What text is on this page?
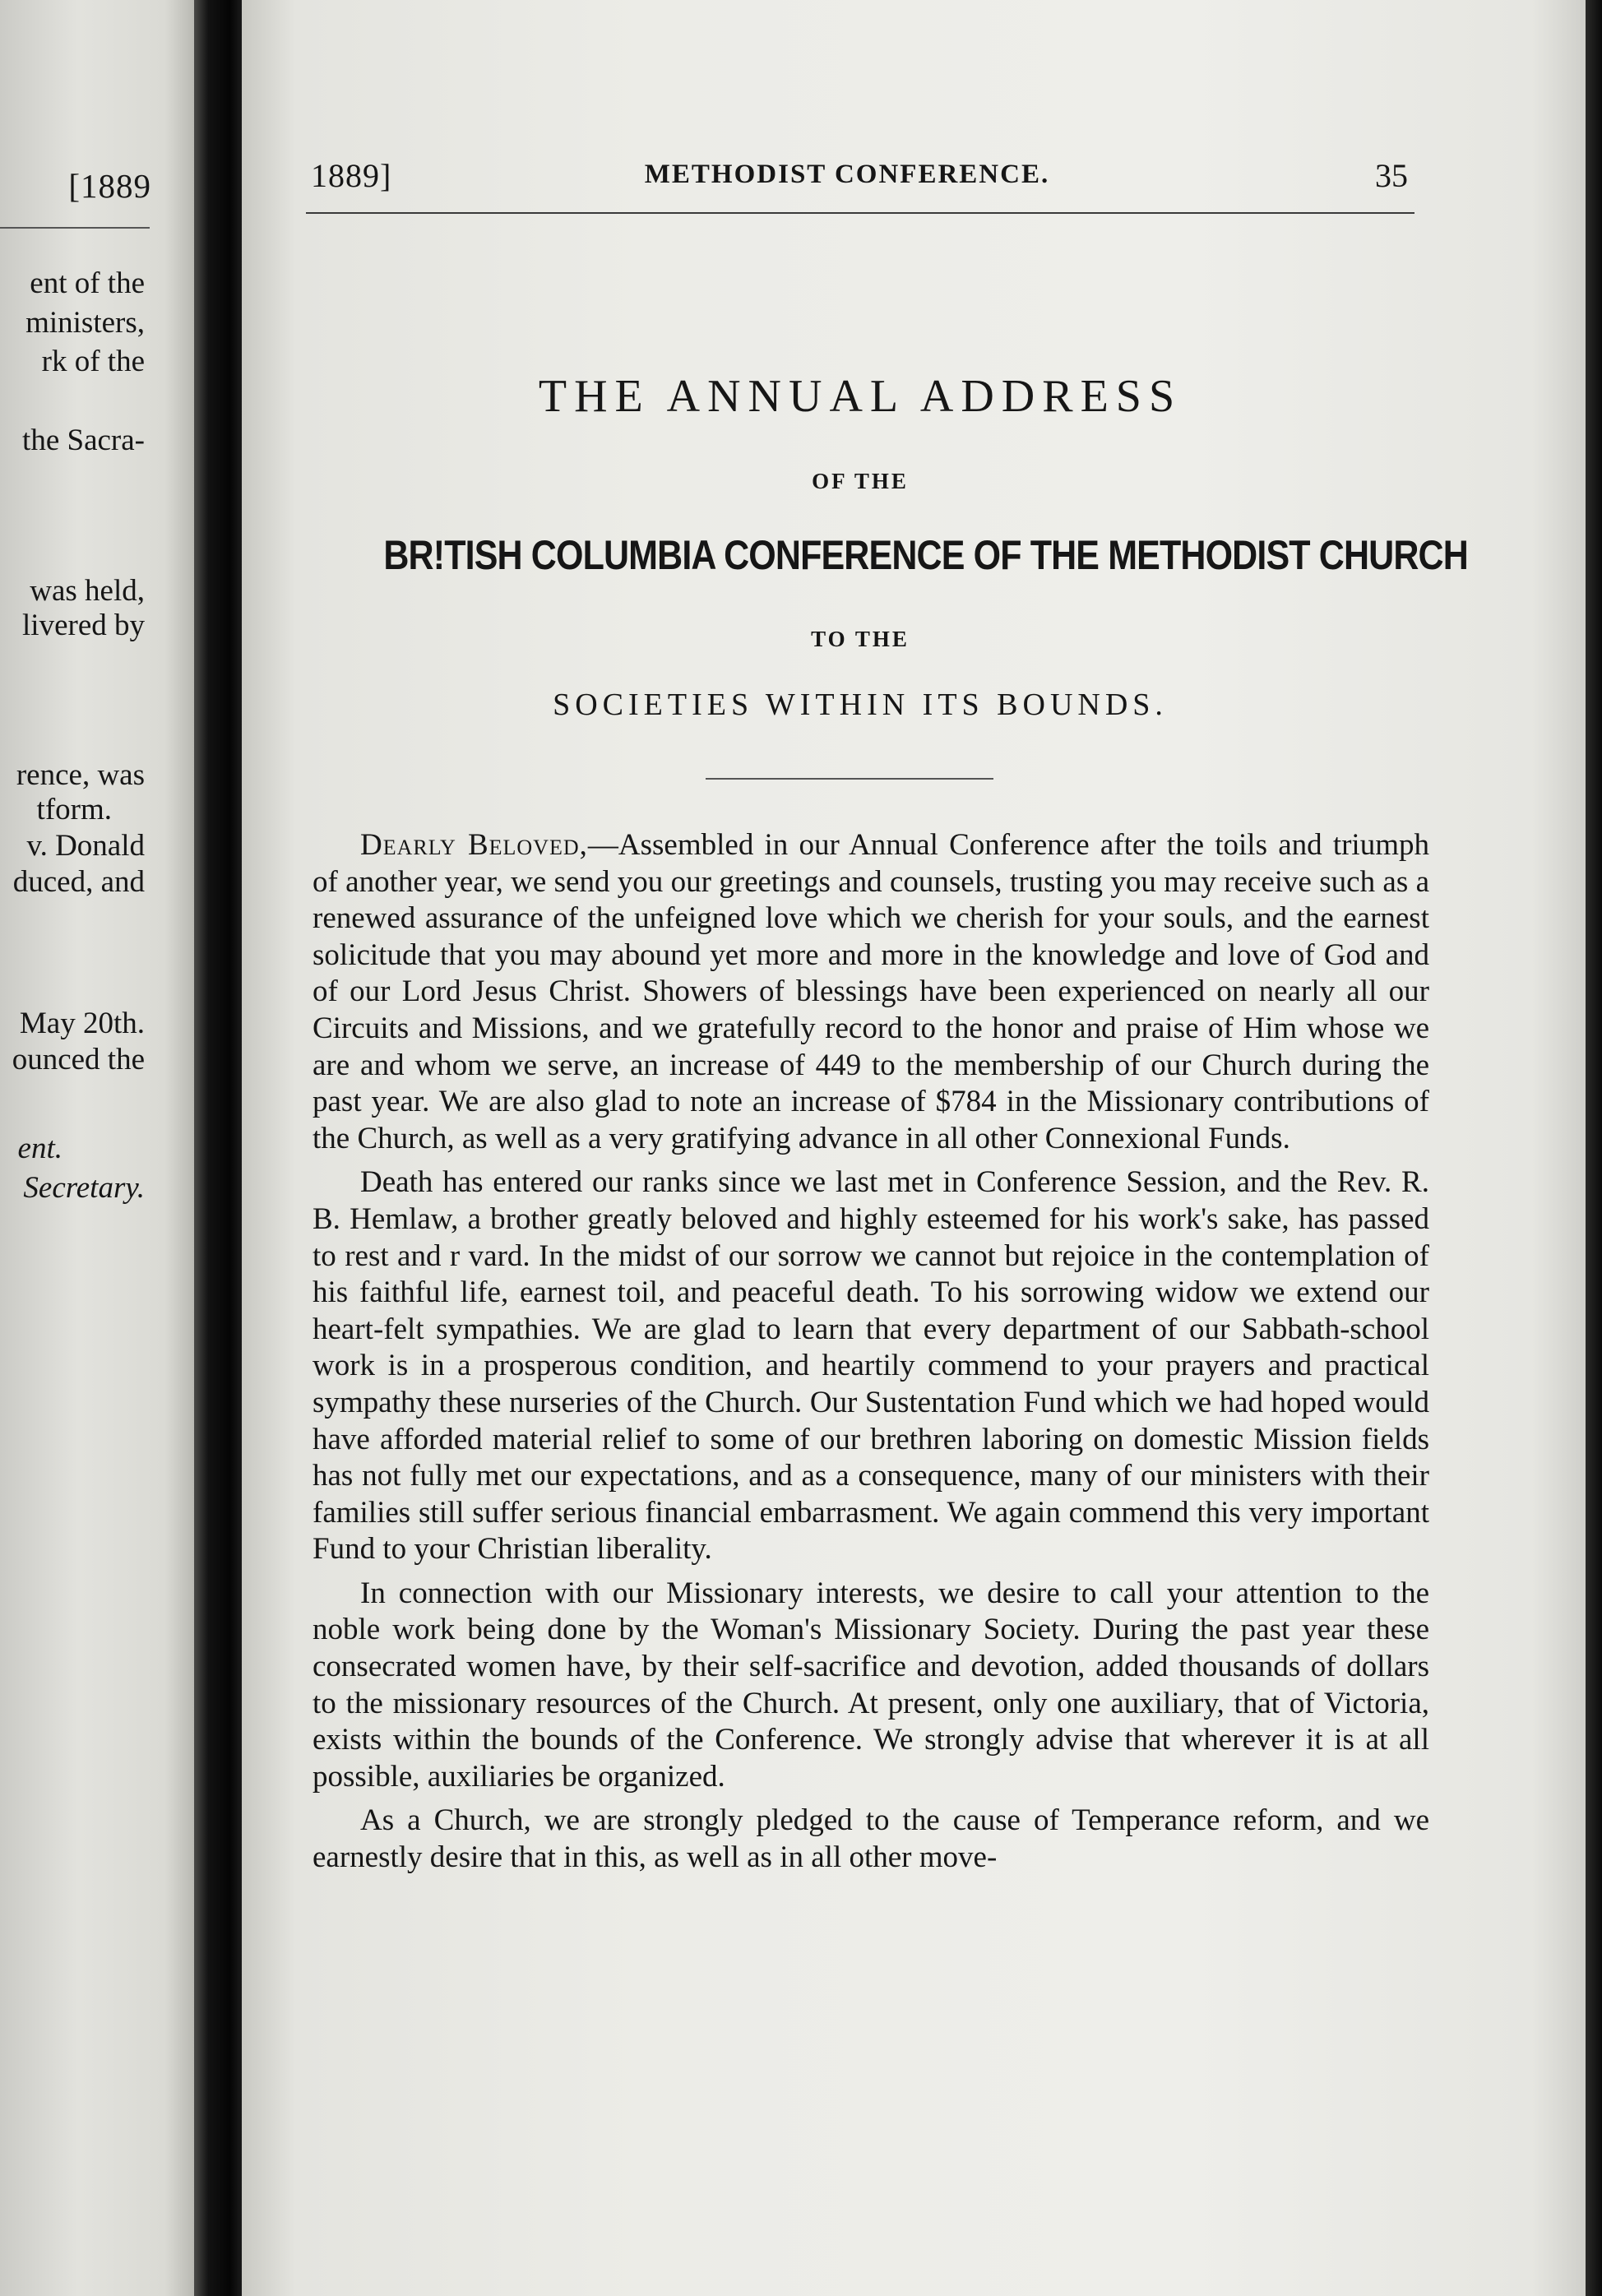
[1889
ent of the
ministers,
rk of the
the Sacra-
was held,
livered by
rence, was
tform.
v. Donald
duced, and
May 20th.
ounced the
ent.
Secretary.
1889]	METHODIST CONFERENCE.	35
THE ANNUAL ADDRESS
OF THE
BR!TISH COLUMBIA CONFERENCE OF THE METHODIST CHURCH
TO THE
SOCIETIES WITHIN ITS BOUNDS.

Dearly Beloved,—Assembled in our Annual Conference after the toils and triumph of another year, we send you our greetings and counsels, trusting you may receive such as a renewed assurance of the unfeigned love which we cherish for your souls, and the earnest solicitude that you may abound yet more and more in the knowledge and love of God and of our Lord Jesus Christ. Showers of blessings have been experienced on nearly all our Circuits and Missions, and we gratefully record to the honor and praise of Him whose we are and whom we serve, an increase of 449 to the membership of our Church during the past year. We are also glad to note an increase of $784 in the Missionary contributions of the Church, as well as a very gratifying advance in all other Connexional Funds.

Death has entered our ranks since we last met in Conference Session, and the Rev. R. B. Hemlaw, a brother greatly beloved and highly esteemed for his work's sake, has passed to rest and r vard. In the midst of our sorrow we cannot but rejoice in the contemplation of his faithful life, earnest toil, and peaceful death. To his sorrowing widow we extend our heart-felt sympathies. We are glad to learn that every department of our Sabbath-school work is in a prosperous condition, and heartily commend to your prayers and practical sympathy these nurseries of the Church. Our Sustentation Fund which we had hoped would have afforded material relief to some of our brethren laboring on domestic Mission fields has not fully met our expectations, and as a consequence, many of our ministers with their families still suffer serious financial embarrasment. We again commend this very important Fund to your Christian liberality.

In connection with our Missionary interests, we desire to call your attention to the noble work being done by the Woman's Missionary Society. During the past year these consecrated women have, by their self-sacrifice and devotion, added thousands of dollars to the missionary resources of the Church. At present, only one auxiliary, that of Victoria, exists within the bounds of the Conference. We strongly advise that wherever it is at all possible, auxiliaries be organized.

As a Church, we are strongly pledged to the cause of Temperance reform, and we earnestly desire that in this, as well as in all other move-
